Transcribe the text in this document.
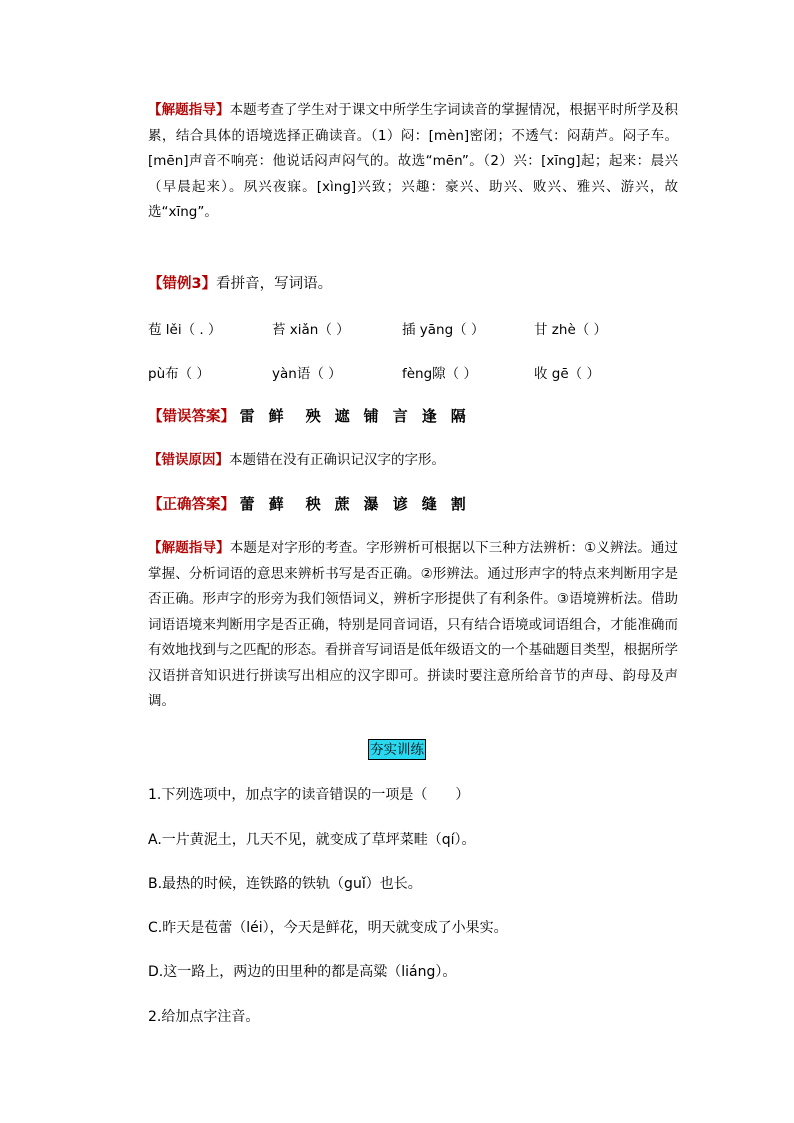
【解题指导】本题考查了学生对于课文中所学生字词读音的掌握情况，根据平时所学及积累，结合具体的语境选择正确读音。（1）闷：[mèn]密闭；不透气：闷葫芦。闷子车。[mēn]声音不响亮：他说话闷声闷气的。故选“mēn”。（2）兴：[xīng]起；起来：晨兴（早晨起来）。夙兴夜寐。[xìng]兴致；兴趣：豪兴、助兴、败兴、雅兴、游兴，故选“xīng”。
【错例3】看拼音，写词语。
苞 lěi（ . ）	苔 xiǎn（ ）	插 yāng（ ）	甘 zhè（ ）
pù布（ ）	yàn语（ ）	fèng隙（ ）	收 gē（ ）
【错误答案】 雷 鲜 殃 遮 铺 言 逢 隔
【错误原因】本题错在没有正确识记汉字的字形。
【正确答案】 蕾 藓 秧 蔗 瀑 谚 缝 割
【解题指导】本题是对字形的考查。字形辨析可根据以下三种方法辨析：①义辨法。通过掌握、分析词语的意思来辨析书写是否正确。②形辨法。通过形声字的特点来判断用字是否正确。形声字的形旁为我们领悟词义，辨析字形提供了有利条件。③语境辨析法。借助词语语境来判断用字是否正确，特别是同音词语，只有结合语境或词语组合，才能准确而有效地找到与之匹配的形态。看拼音写词语是低年级语文的一个基础题目类型，根据所学汉语拼音知识进行拼读写出相应的汉字即可。拼读时要注意所给音节的声母、韵母及声调。
夯实训练
1.下列选项中，加点字的读音错误的一项是（　　）
A.一片黄泥土，几天不见，就变成了草坪菜畦（qí）。
B.最热的时候，连铁路的铁轨（guǐ）也长。
C.昨天是苞蕾（léi），今天是鲜花，明天就变成了小果实。
D.这一路上，两边的田里种的都是高粱（liáng）。
2.给加点字注音。
